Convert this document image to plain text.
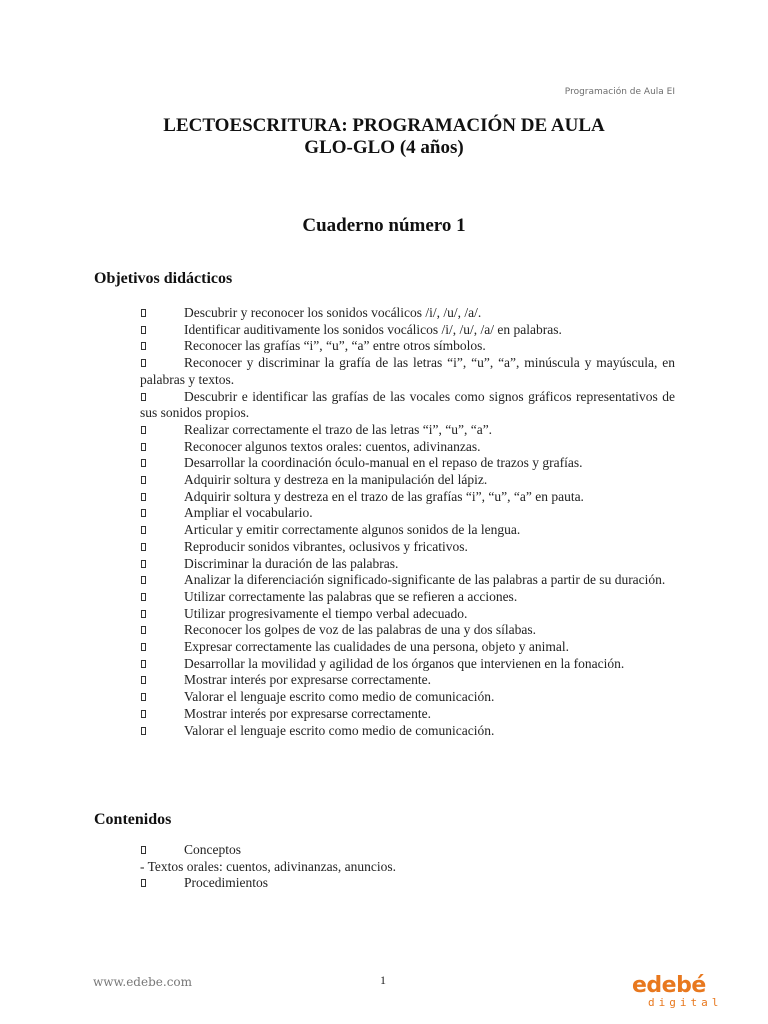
Programación de Aula EI
LECTOESCRITURA: PROGRAMACIÓN DE AULA
GLO-GLO (4 años)
Cuaderno número 1
Objetivos didácticos
Descubrir y reconocer los sonidos vocálicos /i/, /u/, /a/.
Identificar auditivamente los sonidos vocálicos /i/, /u/, /a/ en palabras.
Reconocer las grafías “i”, “u”, “a” entre otros símbolos.
Reconocer y discriminar la grafía de las letras “i”, “u”, “a”, minúscula y mayúscula, en palabras y textos.
Descubrir e identificar las grafías de las vocales como signos gráficos representativos de sus sonidos propios.
Realizar correctamente el trazo de las letras “i”, “u”, “a”.
Reconocer algunos textos orales: cuentos, adivinanzas.
Desarrollar la coordinación óculo-manual en el repaso de trazos y grafías.
Adquirir soltura y destreza en la manipulación del lápiz.
Adquirir soltura y destreza en el trazo de las grafías “i”, “u”, “a” en pauta.
Ampliar el vocabulario.
Articular y emitir correctamente algunos sonidos de la lengua.
Reproducir sonidos vibrantes, oclusivos y fricativos.
Discriminar la duración de las palabras.
Analizar la diferenciación significado-significante de las palabras a partir de su duración.
Utilizar correctamente las palabras que se refieren a acciones.
Utilizar progresivamente el tiempo verbal adecuado.
Reconocer los golpes de voz de las palabras de una y dos sílabas.
Expresar correctamente las cualidades de una persona, objeto y animal.
Desarrollar la movilidad y agilidad de los órganos que intervienen en la fonación.
Mostrar interés por expresarse correctamente.
Valorar el lenguaje escrito como medio de comunicación.
Mostrar interés por expresarse correctamente.
Valorar el lenguaje escrito como medio de comunicación.
Contenidos
Conceptos
- Textos orales: cuentos, adivinanzas, anuncios.
Procedimientos
www.edebe.com	1	edebé
digital
